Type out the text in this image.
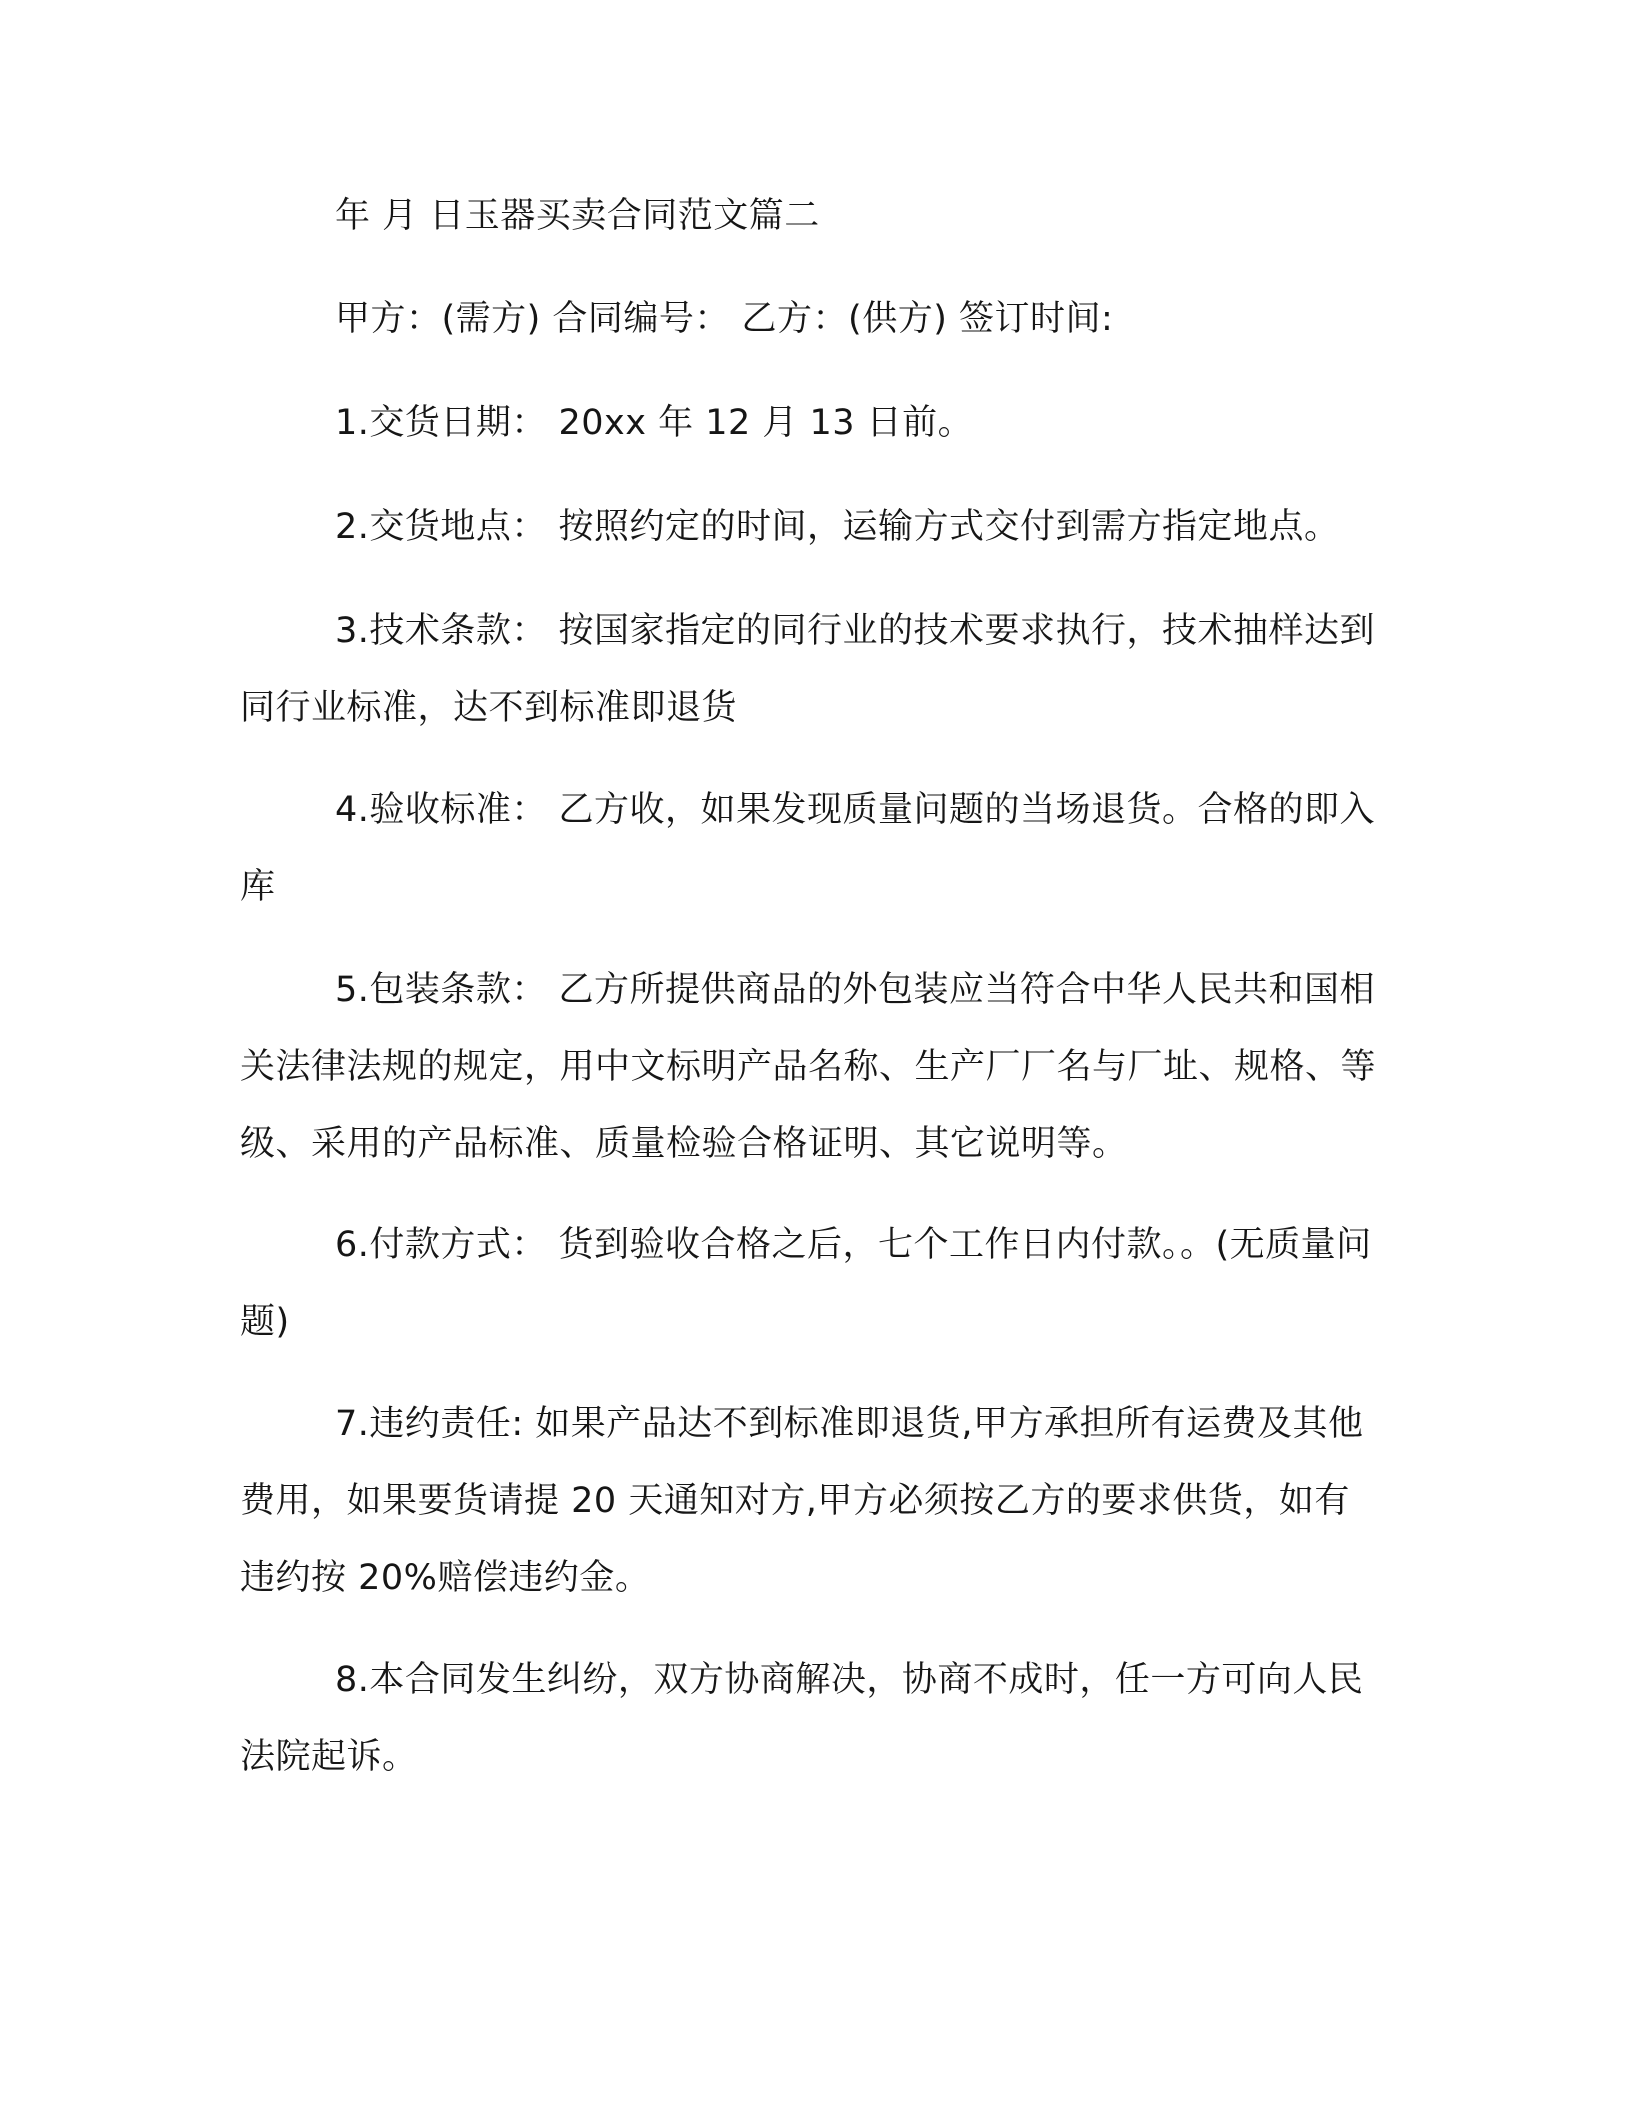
年 月 日玉器买卖合同范文篇二

甲方：(需方) 合同编号： 乙方：(供方) 签订时间:

1.交货日期： 20xx 年 12 月 13 日前。

2.交货地点： 按照约定的时间，运输方式交付到需方指定地点。

3.技术条款： 按国家指定的同行业的技术要求执行，技术抽样达到同行业标准，达不到标准即退货

4.验收标准： 乙方收，如果发现质量问题的当场退货。合格的即入库

5.包装条款： 乙方所提供商品的外包装应当符合中华人民共和国相关法律法规的规定，用中文标明产品名称、生产厂厂名与厂址、规格、等级、采用的产品标准、质量检验合格证明、其它说明等。

6.付款方式： 货到验收合格之后，七个工作日内付款。。(无质量问题)

7.违约责任: 如果产品达不到标准即退货,甲方承担所有运费及其他费用，如果要货请提 20 天通知对方,甲方必须按乙方的要求供货，如有违约按 20%赔偿违约金。

8.本合同发生纠纷，双方协商解决，协商不成时，任一方可向人民法院起诉。
